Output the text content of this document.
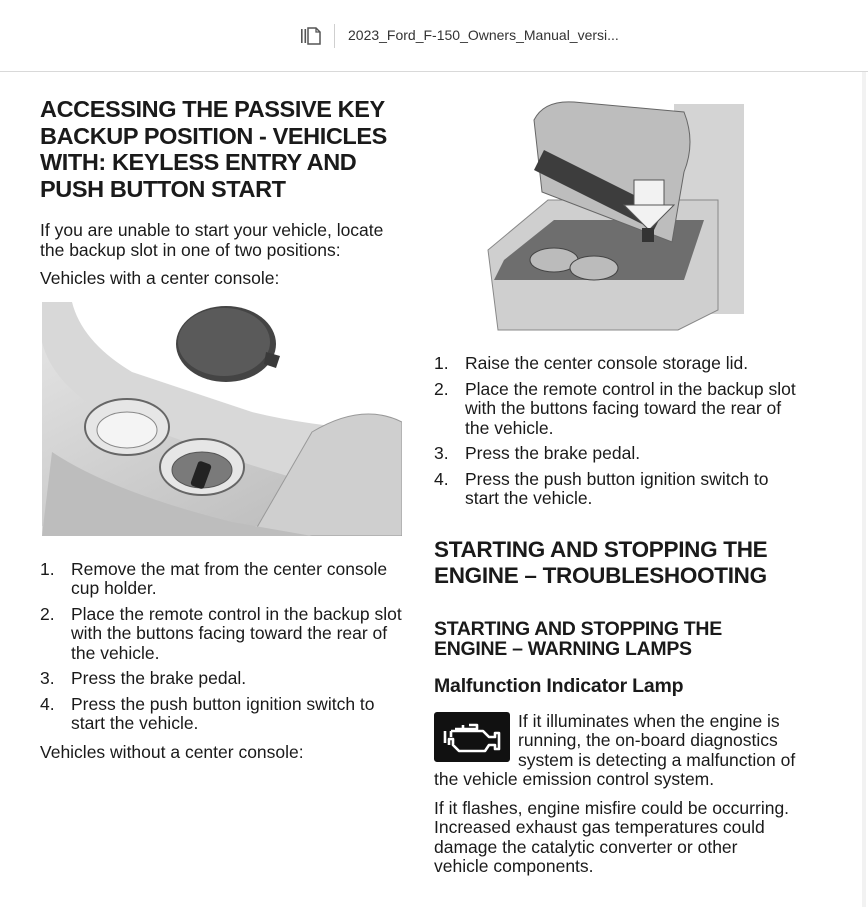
2023_Ford_F-150_Owners_Manual_versi...
ACCESSING THE PASSIVE KEY BACKUP POSITION - VEHICLES WITH: KEYLESS ENTRY AND PUSH BUTTON START

If you are unable to start your vehicle, locate the backup slot in one of two positions:

Vehicles with a center console:

1. Remove the mat from the center console cup holder.
2. Place the remote control in the backup slot with the buttons facing toward the rear of the vehicle.
3. Press the brake pedal.
4. Press the push button ignition switch to start the vehicle.

Vehicles without a center console:

1. Raise the center console storage lid.
2. Place the remote control in the backup slot with the buttons facing toward the rear of the vehicle.
3. Press the brake pedal.
4. Press the push button ignition switch to start the vehicle.
STARTING AND STOPPING THE ENGINE – TROUBLESHOOTING
STARTING AND STOPPING THE ENGINE – WARNING LAMPS
Malfunction Indicator Lamp

If it illuminates when the engine is running, the on-board diagnostics system is detecting a malfunction of the vehicle emission control system.

If it flashes, engine misfire could be occurring. Increased exhaust gas temperatures could damage the catalytic converter or other vehicle components.
